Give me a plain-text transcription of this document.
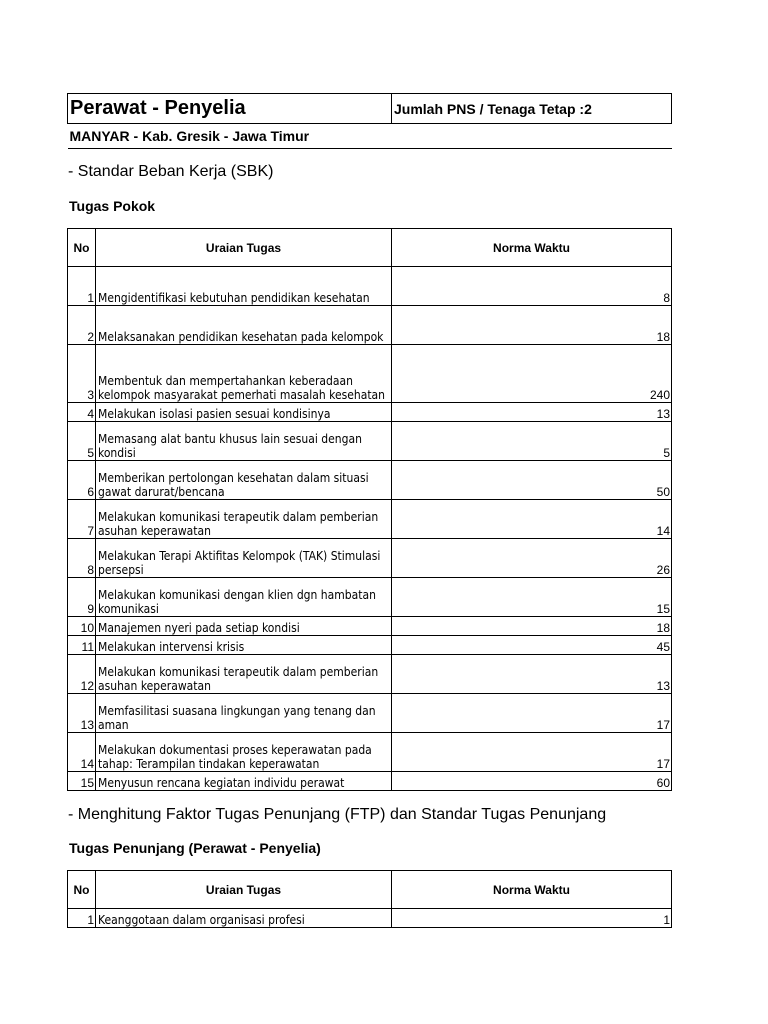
Perawat - Penyelia	Jumlah PNS / Tenaga Tetap :2
MANYAR - Kab. Gresik - Jawa Timur
- Standar Beban Kerja (SBK)
Tugas Pokok
No	Uraian Tugas	Norma Waktu
1	Mengidentifikasi kebutuhan pendidikan kesehatan	8
2	Melaksanakan pendidikan kesehatan pada kelompok	18
3	Membentuk dan mempertahankan keberadaan kelompok masyarakat pemerhati masalah kesehatan	240
4	Melakukan isolasi pasien sesuai kondisinya	13
5	Memasang alat bantu khusus lain sesuai dengan kondisi	5
6	Memberikan pertolongan kesehatan dalam situasi gawat darurat/bencana	50
7	Melakukan komunikasi terapeutik dalam pemberian asuhan keperawatan	14
8	Melakukan Terapi Aktifitas Kelompok (TAK) Stimulasi persepsi	26
9	Melakukan komunikasi dengan klien dgn hambatan komunikasi	15
10	Manajemen nyeri pada setiap kondisi	18
11	Melakukan intervensi krisis	45
12	Melakukan komunikasi terapeutik dalam pemberian asuhan keperawatan	13
13	Memfasilitasi suasana lingkungan yang tenang dan aman	17
14	Melakukan dokumentasi proses keperawatan pada tahap: Terampilan tindakan keperawatan	17
15	Menyusun rencana kegiatan individu perawat	60
- Menghitung Faktor Tugas Penunjang (FTP) dan Standar Tugas Penunjang
Tugas Penunjang (Perawat - Penyelia)
No	Uraian Tugas	Norma Waktu
1	Keanggotaan dalam organisasi profesi	1
